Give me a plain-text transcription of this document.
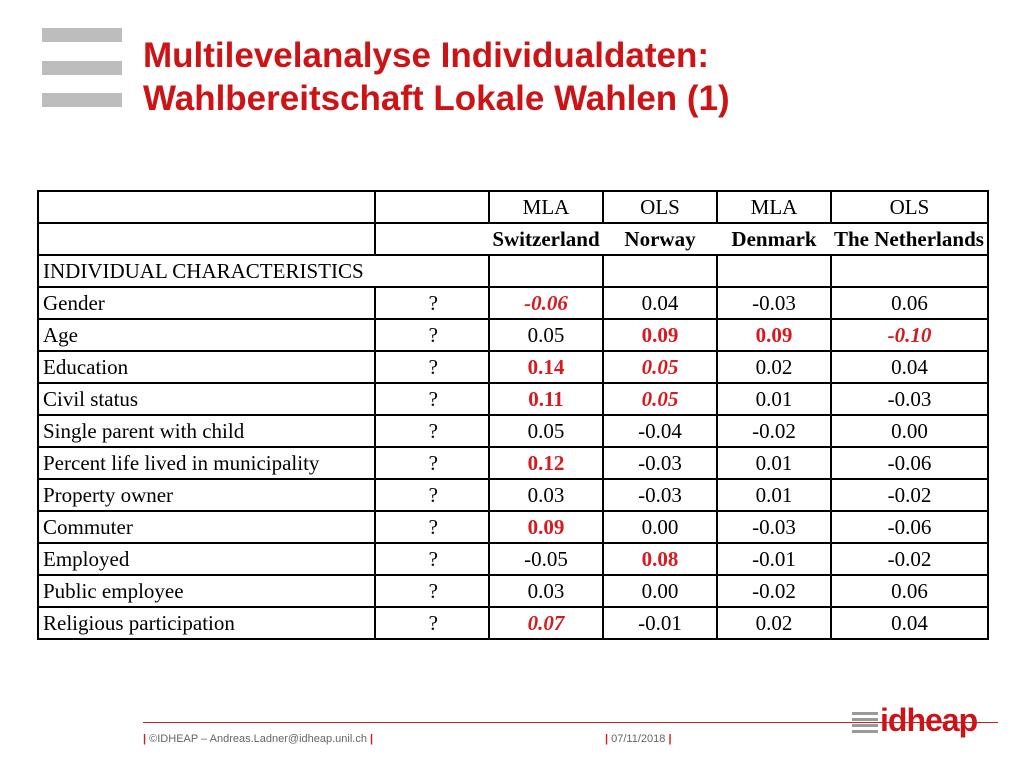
Multilevelanalyse Individualdaten:
Wahlbereitschaft Lokale Wahlen (1)
		MLA	OLS	MLA	OLS
		Switzerland	Norway	Denmark	The Netherlands
INDIVIDUAL CHARACTERISTICS					
Gender	?	-0.06	0.04	-0.03	0.06
Age	?	0.05	0.09	0.09	-0.10
Education	?	0.14	0.05	0.02	0.04
Civil status	?	0.11	0.05	0.01	-0.03
Single parent with child	?	0.05	-0.04	-0.02	0.00
Percent life lived in municipality	?	0.12	-0.03	0.01	-0.06
Property owner	?	0.03	-0.03	0.01	-0.02
Commuter	?	0.09	0.00	-0.03	-0.06
Employed	?	-0.05	0.08	-0.01	-0.02
Public employee	?	0.03	0.00	-0.02	0.06
Religious participation	?	0.07	-0.01	0.02	0.04
| ©IDHEAP – Andreas.Ladner@idheap.unil.ch |	| 07/11/2018 |
idheap
